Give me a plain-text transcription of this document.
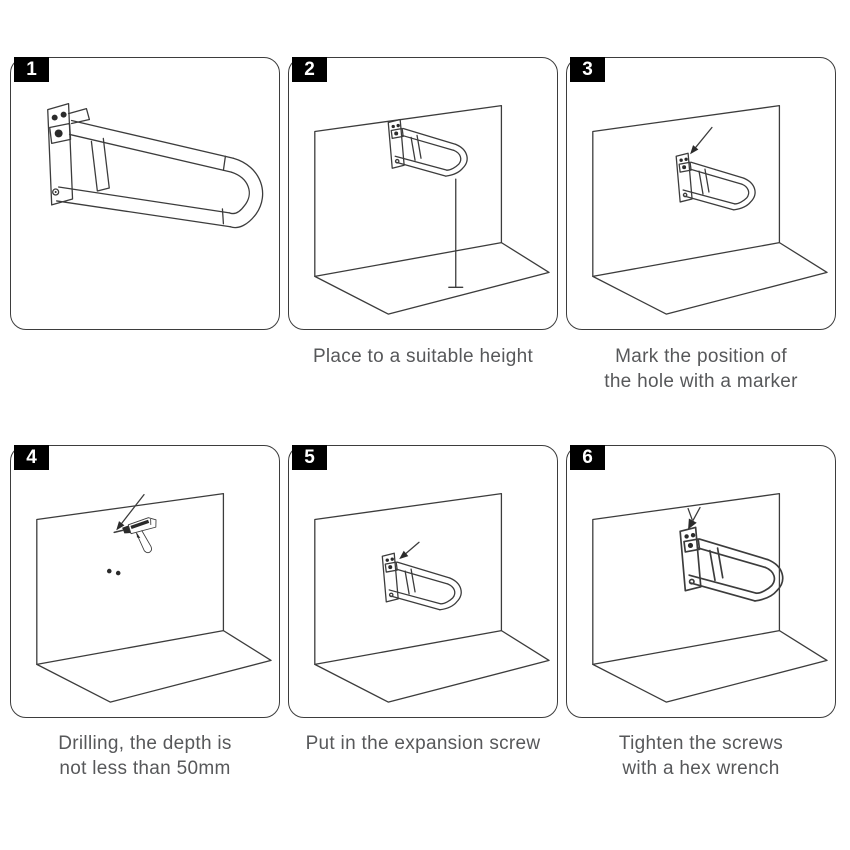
1	2	3
Place to a suitable height	Mark the position of
the hole with a marker
4	5	6
Drilling, the depth is
not less than 50mm
Put in the expansion screw	Tighten the screws
with a hex wrench
